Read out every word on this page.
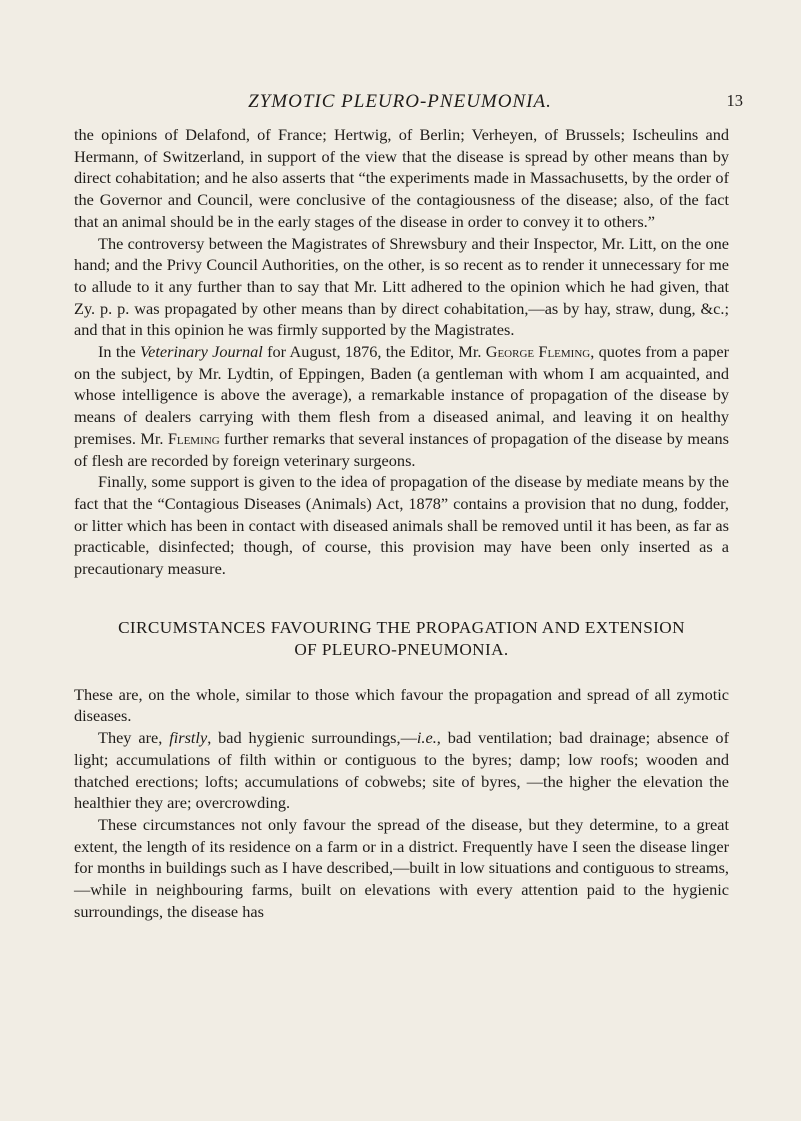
ZYMOTIC PLEURO-PNEUMONIA.	13

the opinions of Delafond, of France; Hertwig, of Berlin; Verheyen, of Brussels; Ischeulins and Hermann, of Switzerland, in support of the view that the disease is spread by other means than by direct cohabitation; and he also asserts that “the experiments made in Massachusetts, by the order of the Governor and Council, were conclusive of the contagiousness of the disease; also, of the fact that an animal should be in the early stages of the disease in order to convey it to others.”

The controversy between the Magistrates of Shrewsbury and their Inspector, Mr. Litt, on the one hand; and the Privy Council Authorities, on the other, is so recent as to render it unnecessary for me to allude to it any further than to say that Mr. Litt adhered to the opinion which he had given, that Zy. p. p. was propagated by other means than by direct cohabitation,—as by hay, straw, dung, &c.; and that in this opinion he was firmly supported by the Magistrates.

In the Veterinary Journal for August, 1876, the Editor, Mr. George Fleming, quotes from a paper on the subject, by Mr. Lydtin, of Eppingen, Baden (a gentleman with whom I am acquainted, and whose intelligence is above the average), a remarkable instance of propagation of the disease by means of dealers carrying with them flesh from a diseased animal, and leaving it on healthy premises. Mr. Fleming further remarks that several instances of propagation of the disease by means of flesh are recorded by foreign veterinary surgeons.

Finally, some support is given to the idea of propagation of the disease by mediate means by the fact that the “Contagious Diseases (Animals) Act, 1878” contains a provision that no dung, fodder, or litter which has been in contact with diseased animals shall be removed until it has been, as far as practicable, disinfected; though, of course, this provision may have been only inserted as a precautionary measure.

CIRCUMSTANCES FAVOURING THE PROPAGATION AND EXTENSION
OF PLEURO-PNEUMONIA.

These are, on the whole, similar to those which favour the propagation and spread of all zymotic diseases.

They are, firstly, bad hygienic surroundings,—i.e., bad ventilation; bad drainage; absence of light; accumulations of filth within or contiguous to the byres; damp; low roofs; wooden and thatched erections; lofts; accumulations of cobwebs; site of byres, —the higher the elevation the healthier they are; overcrowding.

These circumstances not only favour the spread of the disease, but they determine, to a great extent, the length of its residence on a farm or in a district. Frequently have I seen the disease linger for months in buildings such as I have described,—built in low situations and contiguous to streams,—while in neighbouring farms, built on elevations with every attention paid to the hygienic surroundings, the disease has
